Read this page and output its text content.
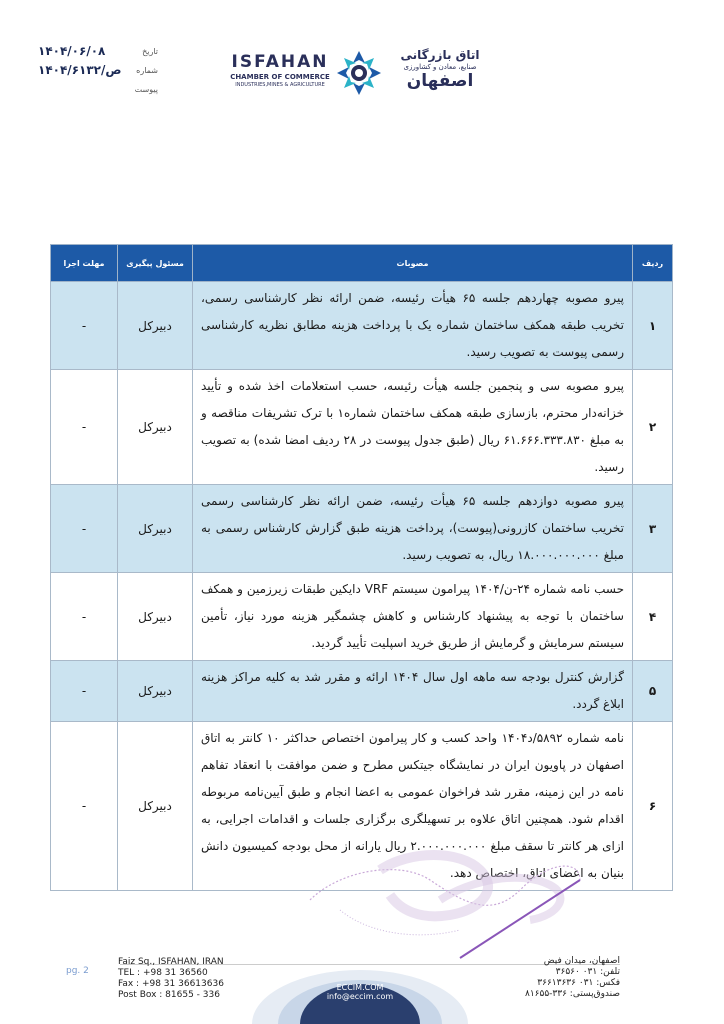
تاریخ
۱۴۰۴/۰۶/۰۸
شماره
۱۴۰۴/ص/۶۱۳۲
پیوست
ISFAHAN
CHAMBER OF COMMERCE
INDUSTRIES,MINES & AGRICULTURE
اتاق بازرگانی
صنایع، معادن و کشاورزی
اصفهان
ردیف	مصوبات	مسئول پیگیری	مهلت اجرا
۱	پیرو مصوبه چهاردهم جلسه ۶۵ هیأت رئیسه، ضمن ارائه نظر کارشناسی رسمی، تخریب طبقه همکف ساختمان شماره یک با پرداخت هزینه مطابق نظریه کارشناسی رسمی پیوست به تصویب رسید.	دبیرکل	-
۲	پیرو مصوبه سی و پنجمین جلسه هیأت رئیسه، حسب استعلامات اخذ شده و تأیید خزانه‌دار محترم، بازسازی طبقه همکف ساختمان شماره۱ با ترک تشریفات مناقصه و به مبلغ ۶۱.۶۶۶.۳۳۳.۸۳۰ ریال (طبق جدول پیوست در ۲۸ ردیف امضا شده) به تصویب رسید.	دبیرکل	-
۳	پیرو مصوبه دوازدهم جلسه ۶۵ هیأت رئیسه، ضمن ارائه نظر کارشناسی رسمی تخریب ساختمان کازرونی(پیوست)، پرداخت هزینه طبق گزارش کارشناس رسمی به مبلغ ۱۸.۰۰۰.۰۰۰.۰۰۰ ریال، به تصویب رسید.	دبیرکل	-
۴	حسب نامه شماره ۲۴-ن/۱۴۰۴ پیرامون سیستم VRF دایکین طبقات زیرزمین و همکف ساختمان با توجه به پیشنهاد کارشناس و کاهش چشمگیر هزینه مورد نیاز، تأمین سیستم سرمایش و گرمایش از طریق خرید اسپلیت تأیید گردید.	دبیرکل	-
۵	گزارش کنترل بودجه سه ماهه اول سال ۱۴۰۴ ارائه و مقرر شد به کلیه مراکز هزینه ابلاغ گردد.	دبیرکل	-
۶	نامه شماره ۵۸۹۲/د۱۴۰۴ واحد کسب و کار پیرامون اختصاص حداکثر ۱۰ کانتر به اتاق اصفهان در پاویون ایران در نمایشگاه جیتکس مطرح و ضمن موافقت با انعقاد تفاهم نامه در این زمینه، مقرر شد فراخوان عمومی به اعضا انجام و طبق آیین‌نامه مربوطه اقدام شود. همچنین اتاق علاوه بر تسهیلگری برگزاری جلسات و اقدامات اجرایی، به ازای هر کانتر تا سقف مبلغ ۲.۰۰۰.۰۰۰.۰۰۰ ریال یارانه از محل بودجه کمیسیون دانش بنیان به اعضای اتاق، اختصاص دهد.	دبیرکل	-
pg. 2
Faiz Sq., ISFAHAN, IRAN
TEL : +98 31 36560
Fax : +98 31 36613636
Post Box : 81655 - 336
ECCIM.COM
info@eccim.com
اصفهان، میدان فیض
تلفن: ۰۳۱ ۳۶۵۶۰
فکس: ۰۳۱ ۳۶۶۱۳۶۳۶
صندوق‌پستی: ۳۳۶-۸۱۶۵۵
